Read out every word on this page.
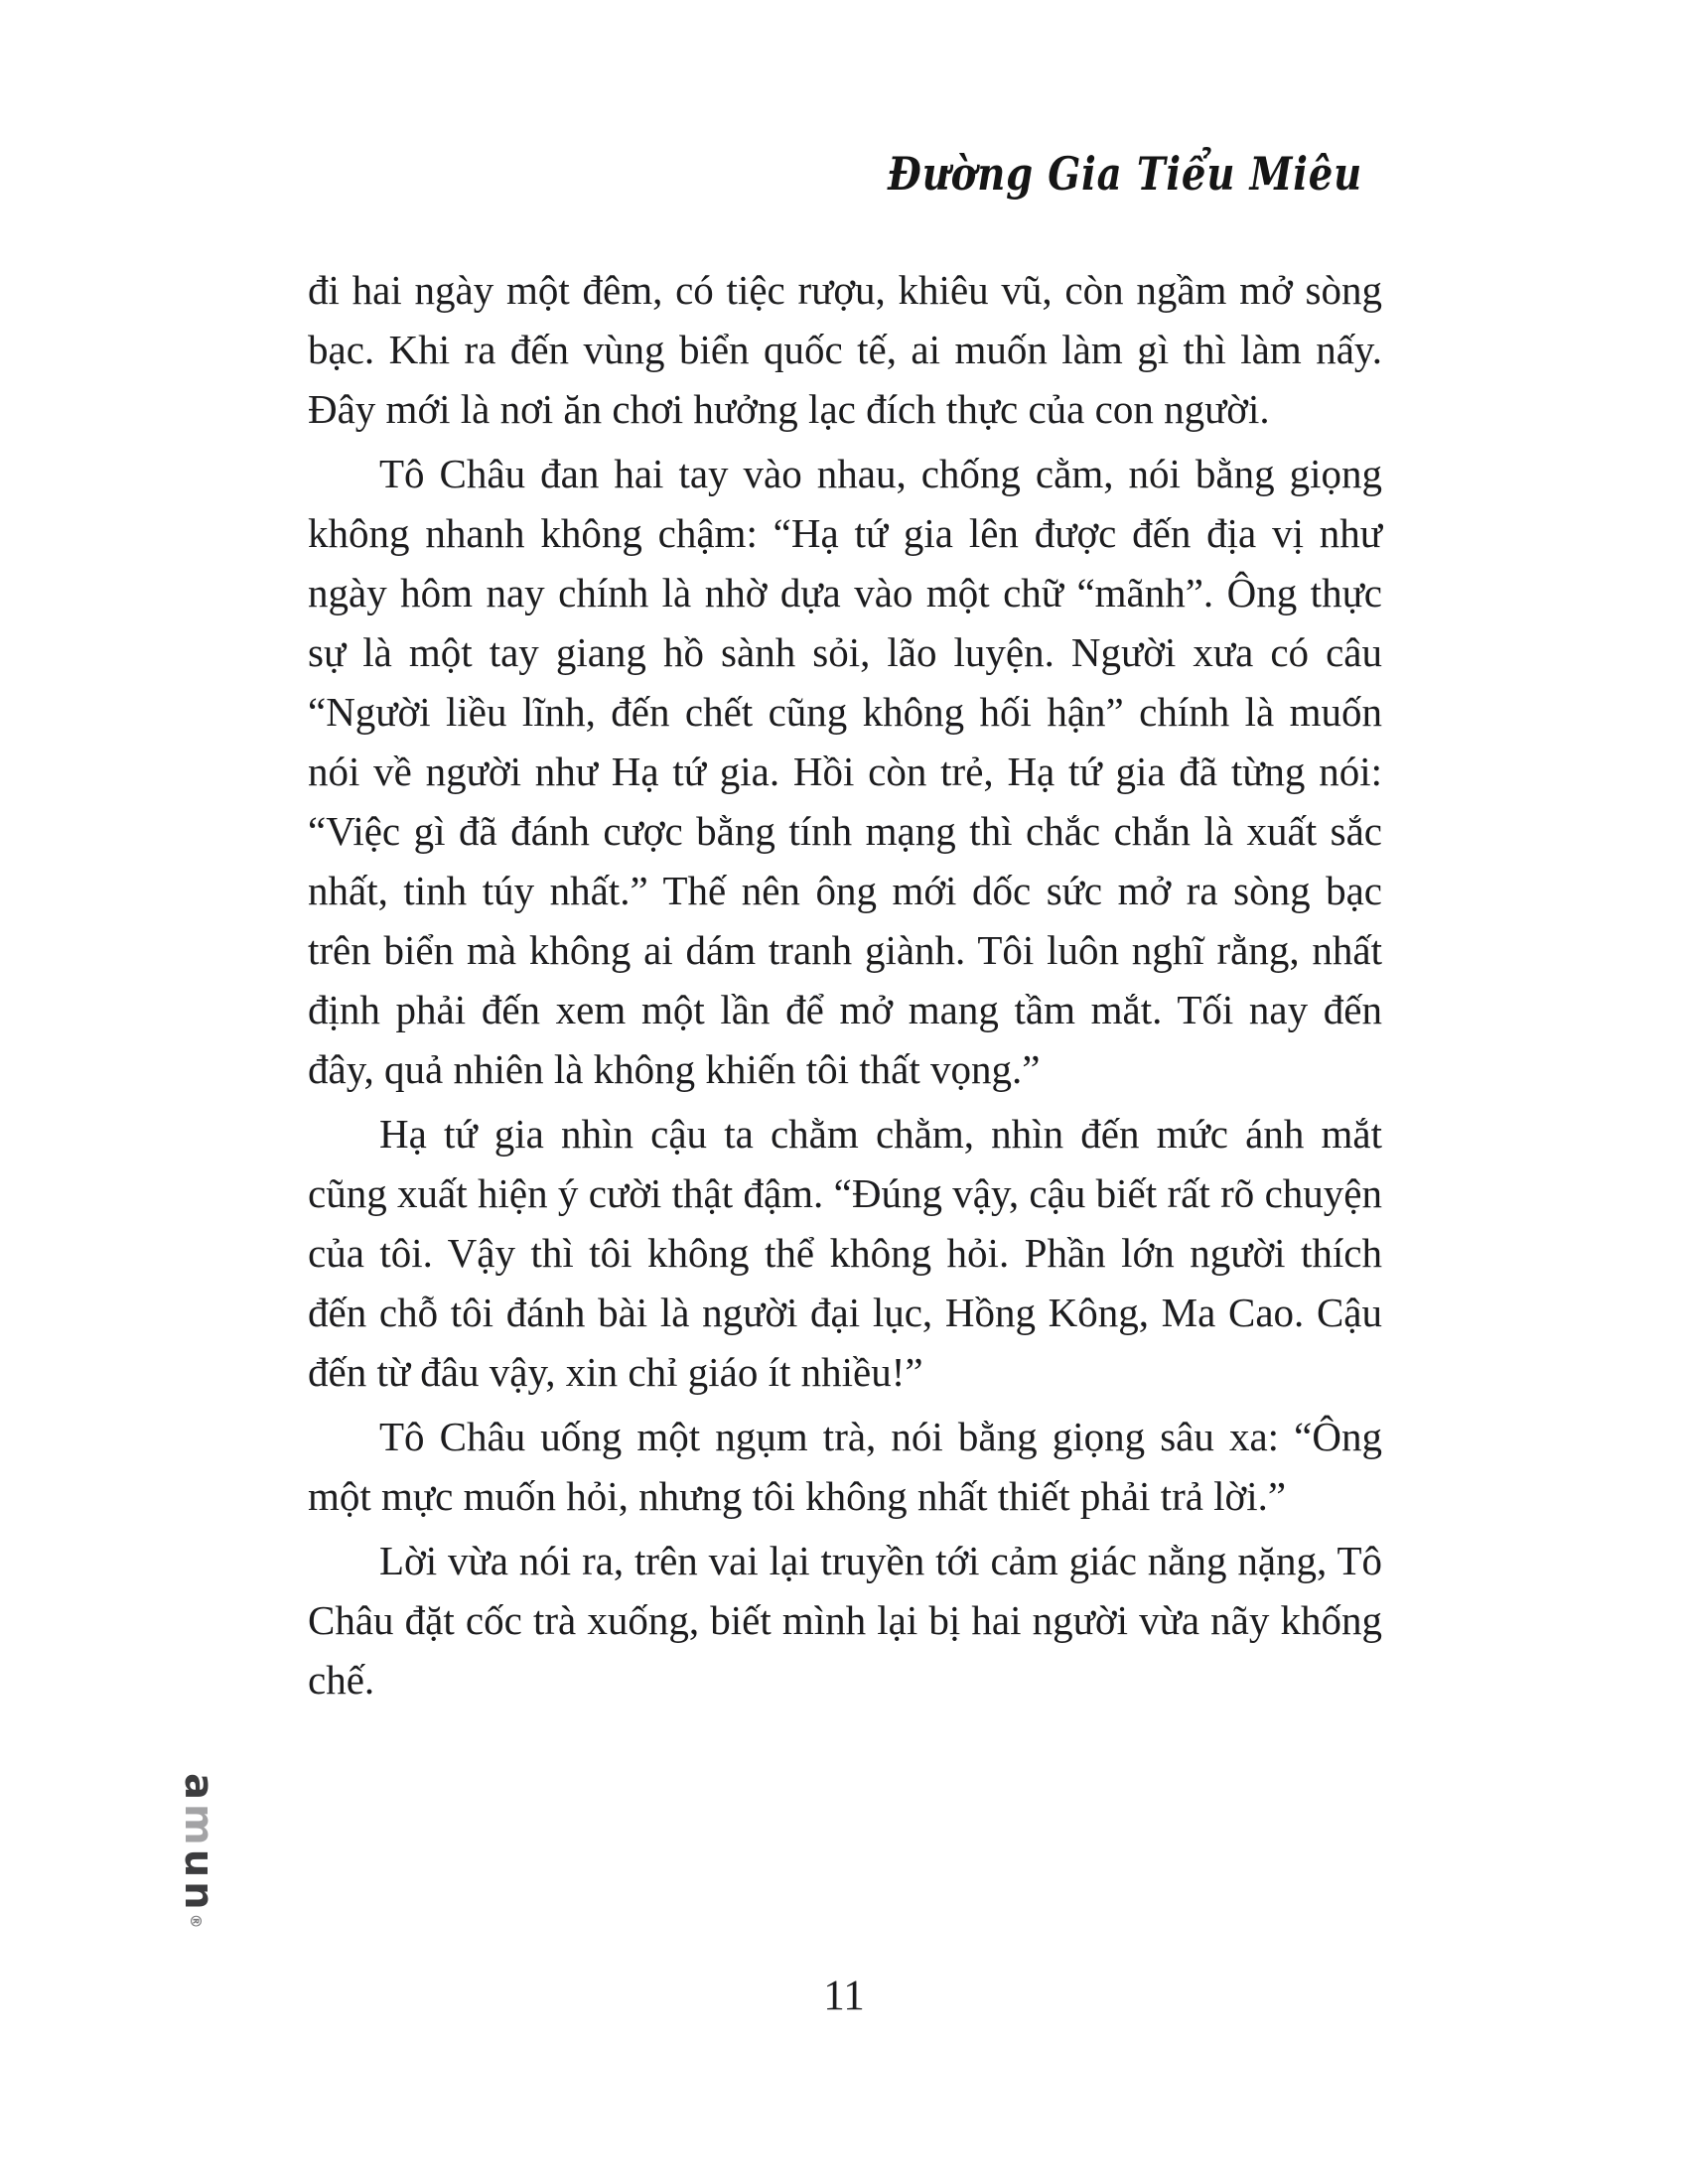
Đường Gia Tiểu Miêu

đi hai ngày một đêm, có tiệc rượu, khiêu vũ, còn ngầm mở sòng bạc. Khi ra đến vùng biển quốc tế, ai muốn làm gì thì làm nấy. Đây mới là nơi ăn chơi hưởng lạc đích thực của con người.

Tô Châu đan hai tay vào nhau, chống cằm, nói bằng giọng không nhanh không chậm: “Hạ tứ gia lên được đến địa vị như ngày hôm nay chính là nhờ dựa vào một chữ “mãnh”. Ông thực sự là một tay giang hồ sành sỏi, lão luyện. Người xưa có câu “Người liều lĩnh, đến chết cũng không hối hận” chính là muốn nói về người như Hạ tứ gia. Hồi còn trẻ, Hạ tứ gia đã từng nói: “Việc gì đã đánh cược bằng tính mạng thì chắc chắn là xuất sắc nhất, tinh túy nhất.” Thế nên ông mới dốc sức mở ra sòng bạc trên biển mà không ai dám tranh giành. Tôi luôn nghĩ rằng, nhất định phải đến xem một lần để mở mang tầm mắt. Tối nay đến đây, quả nhiên là không khiến tôi thất vọng.”

Hạ tứ gia nhìn cậu ta chằm chằm, nhìn đến mức ánh mắt cũng xuất hiện ý cười thật đậm. “Đúng vậy, cậu biết rất rõ chuyện của tôi. Vậy thì tôi không thể không hỏi. Phần lớn người thích đến chỗ tôi đánh bài là người đại lục, Hồng Kông, Ma Cao. Cậu đến từ đâu vậy, xin chỉ giáo ít nhiều!”

Tô Châu uống một ngụm trà, nói bằng giọng sâu xa: “Ông một mực muốn hỏi, nhưng tôi không nhất thiết phải trả lời.”

Lời vừa nói ra, trên vai lại truyền tới cảm giác nằng nặng, Tô Châu đặt cốc trà xuống, biết mình lại bị hai người vừa nãy khống chế.

amun®
11
